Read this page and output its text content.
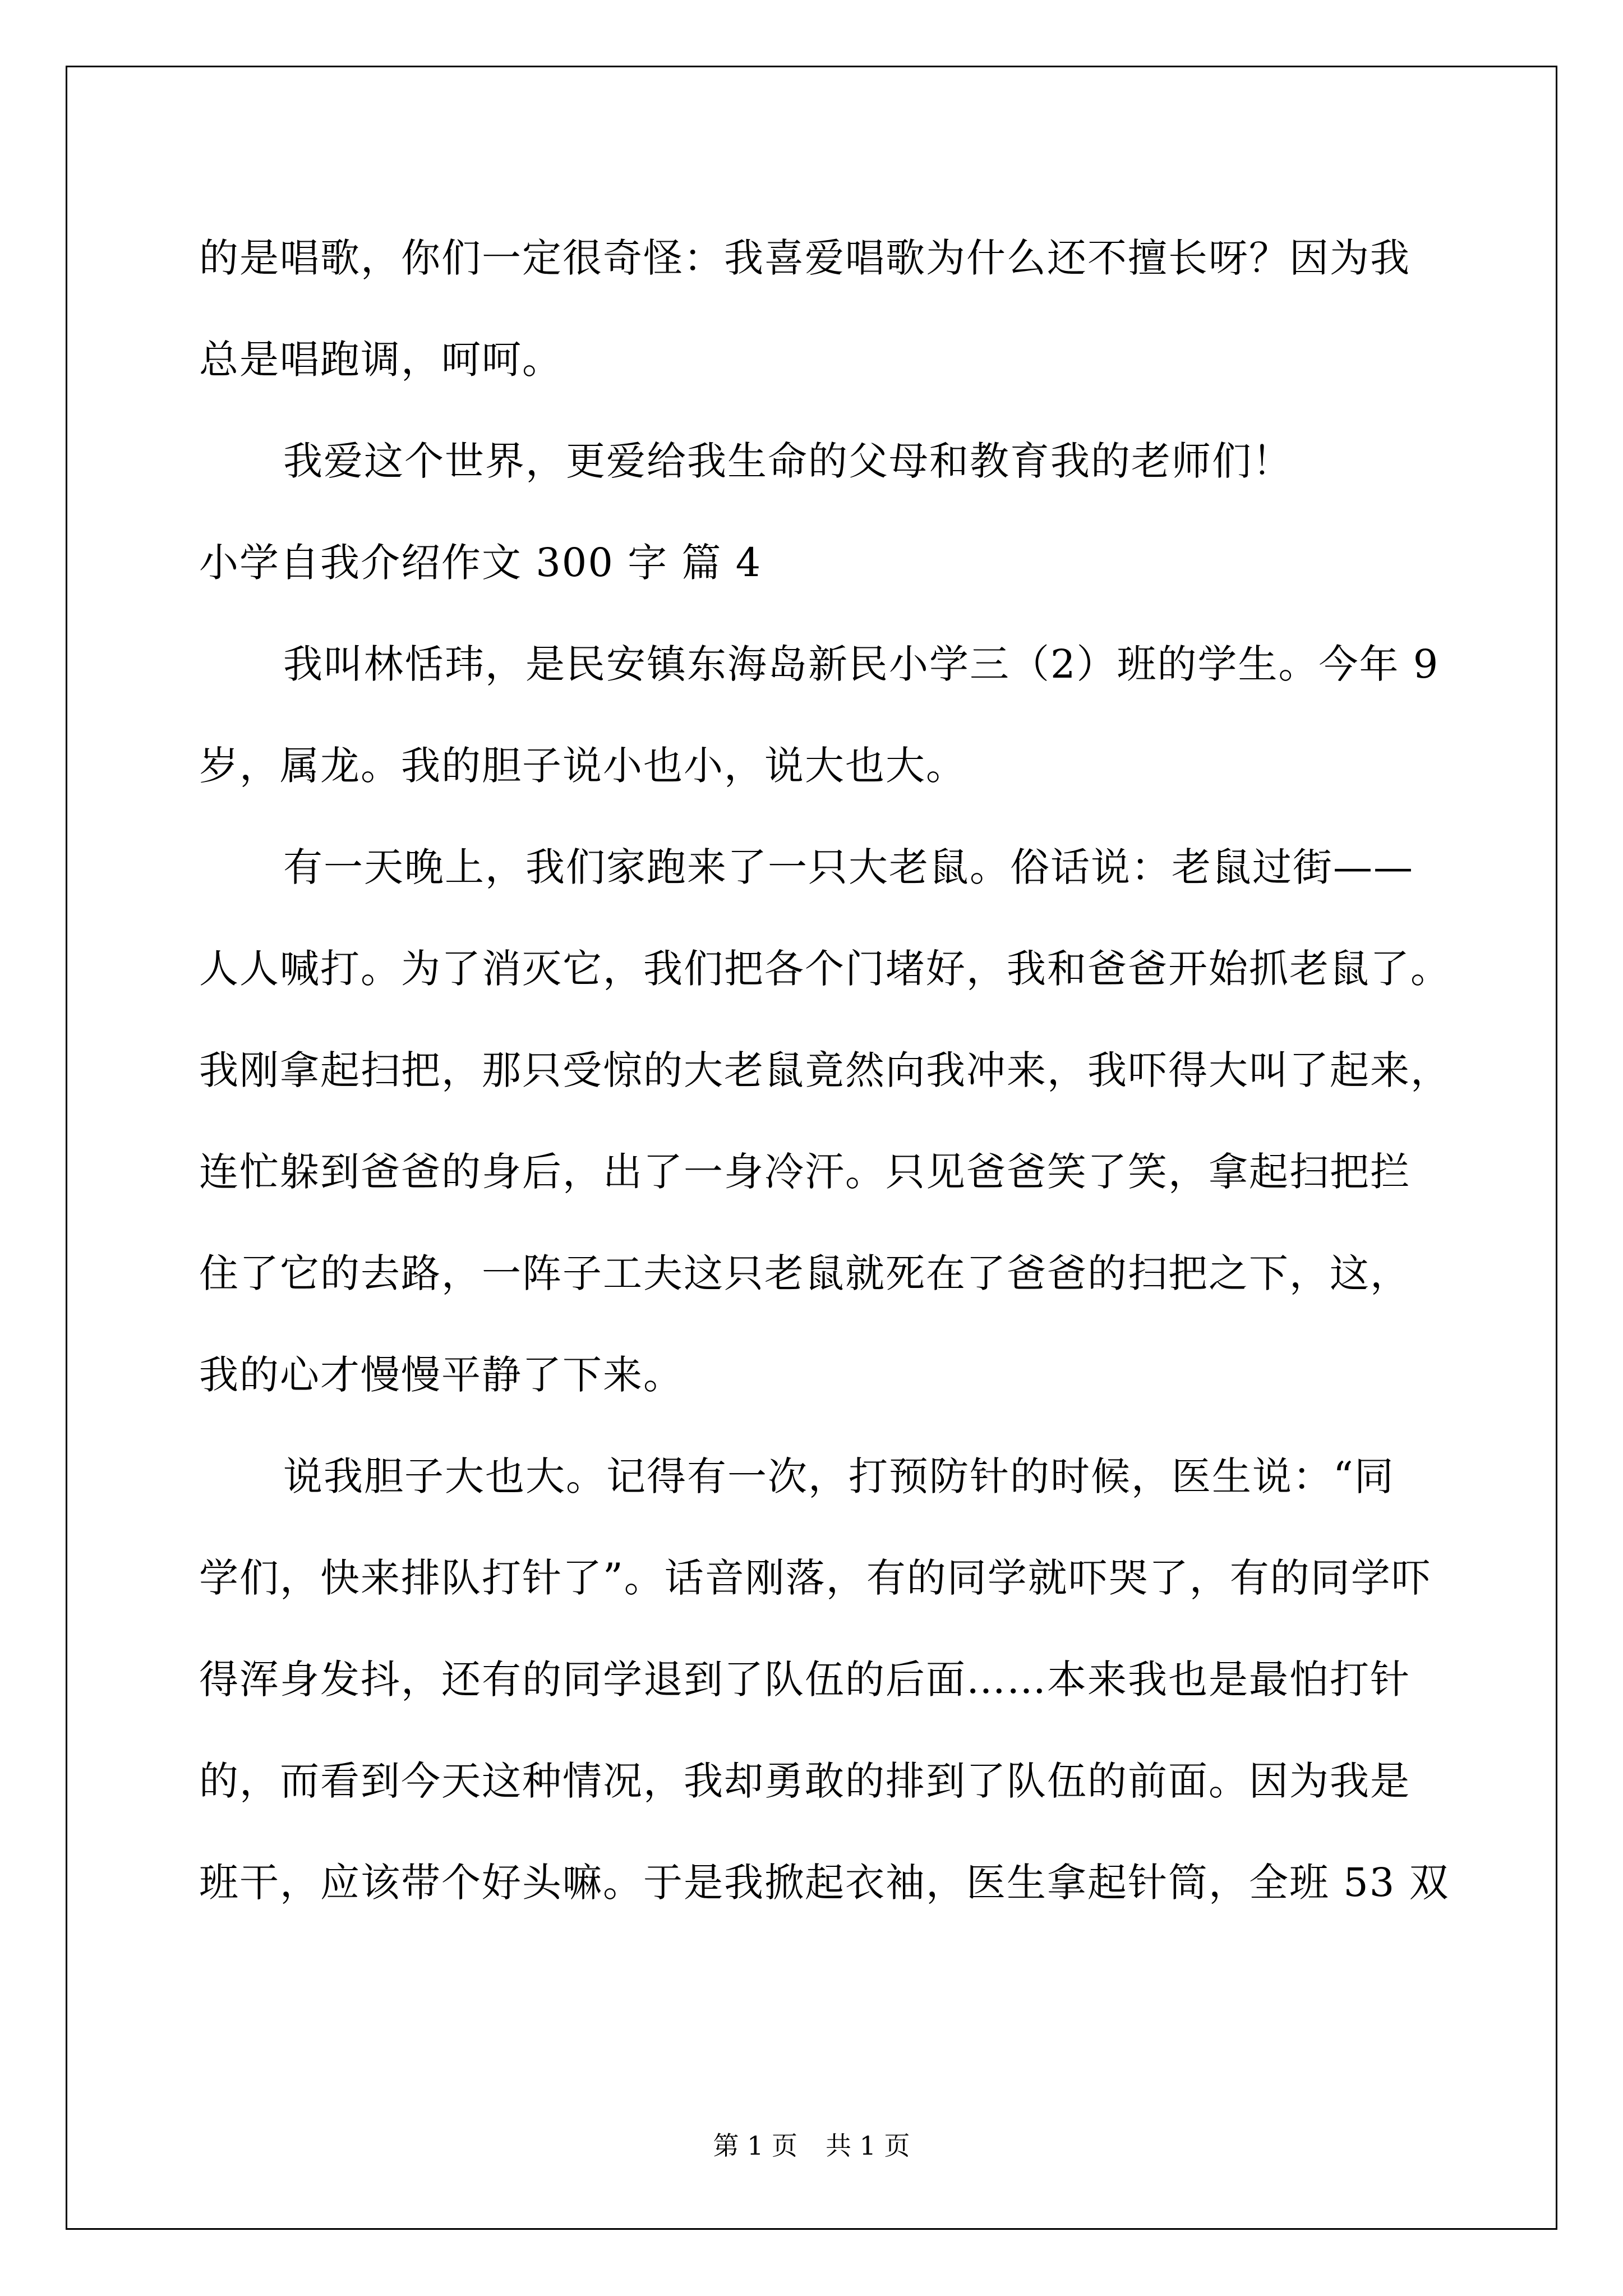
的是唱歌，你们一定很奇怪：我喜爱唱歌为什么还不擅长呀？因为我
总是唱跑调，呵呵。
我爱这个世界，更爱给我生命的父母和教育我的老师们！
小学自我介绍作文 300 字 篇 4
我叫林恬玮，是民安镇东海岛新民小学三（2）班的学生。今年 9
岁，属龙。我的胆子说小也小，说大也大。
有一天晚上，我们家跑来了一只大老鼠。俗话说：老鼠过街——
人人喊打。为了消灭它，我们把各个门堵好，我和爸爸开始抓老鼠了。
我刚拿起扫把，那只受惊的大老鼠竟然向我冲来，我吓得大叫了起来，
连忙躲到爸爸的身后，出了一身冷汗。只见爸爸笑了笑，拿起扫把拦
住了它的去路，一阵子工夫这只老鼠就死在了爸爸的扫把之下，这，
我的心才慢慢平静了下来。
说我胆子大也大。记得有一次，打预防针的时候，医生说：“同
学们，快来排队打针了”。话音刚落，有的同学就吓哭了，有的同学吓
得浑身发抖，还有的同学退到了队伍的后面……本来我也是最怕打针
的，而看到今天这种情况，我却勇敢的排到了队伍的前面。因为我是
班干，应该带个好头嘛。于是我掀起衣袖，医生拿起针筒，全班 53 双
第 1 页 共 1 页
